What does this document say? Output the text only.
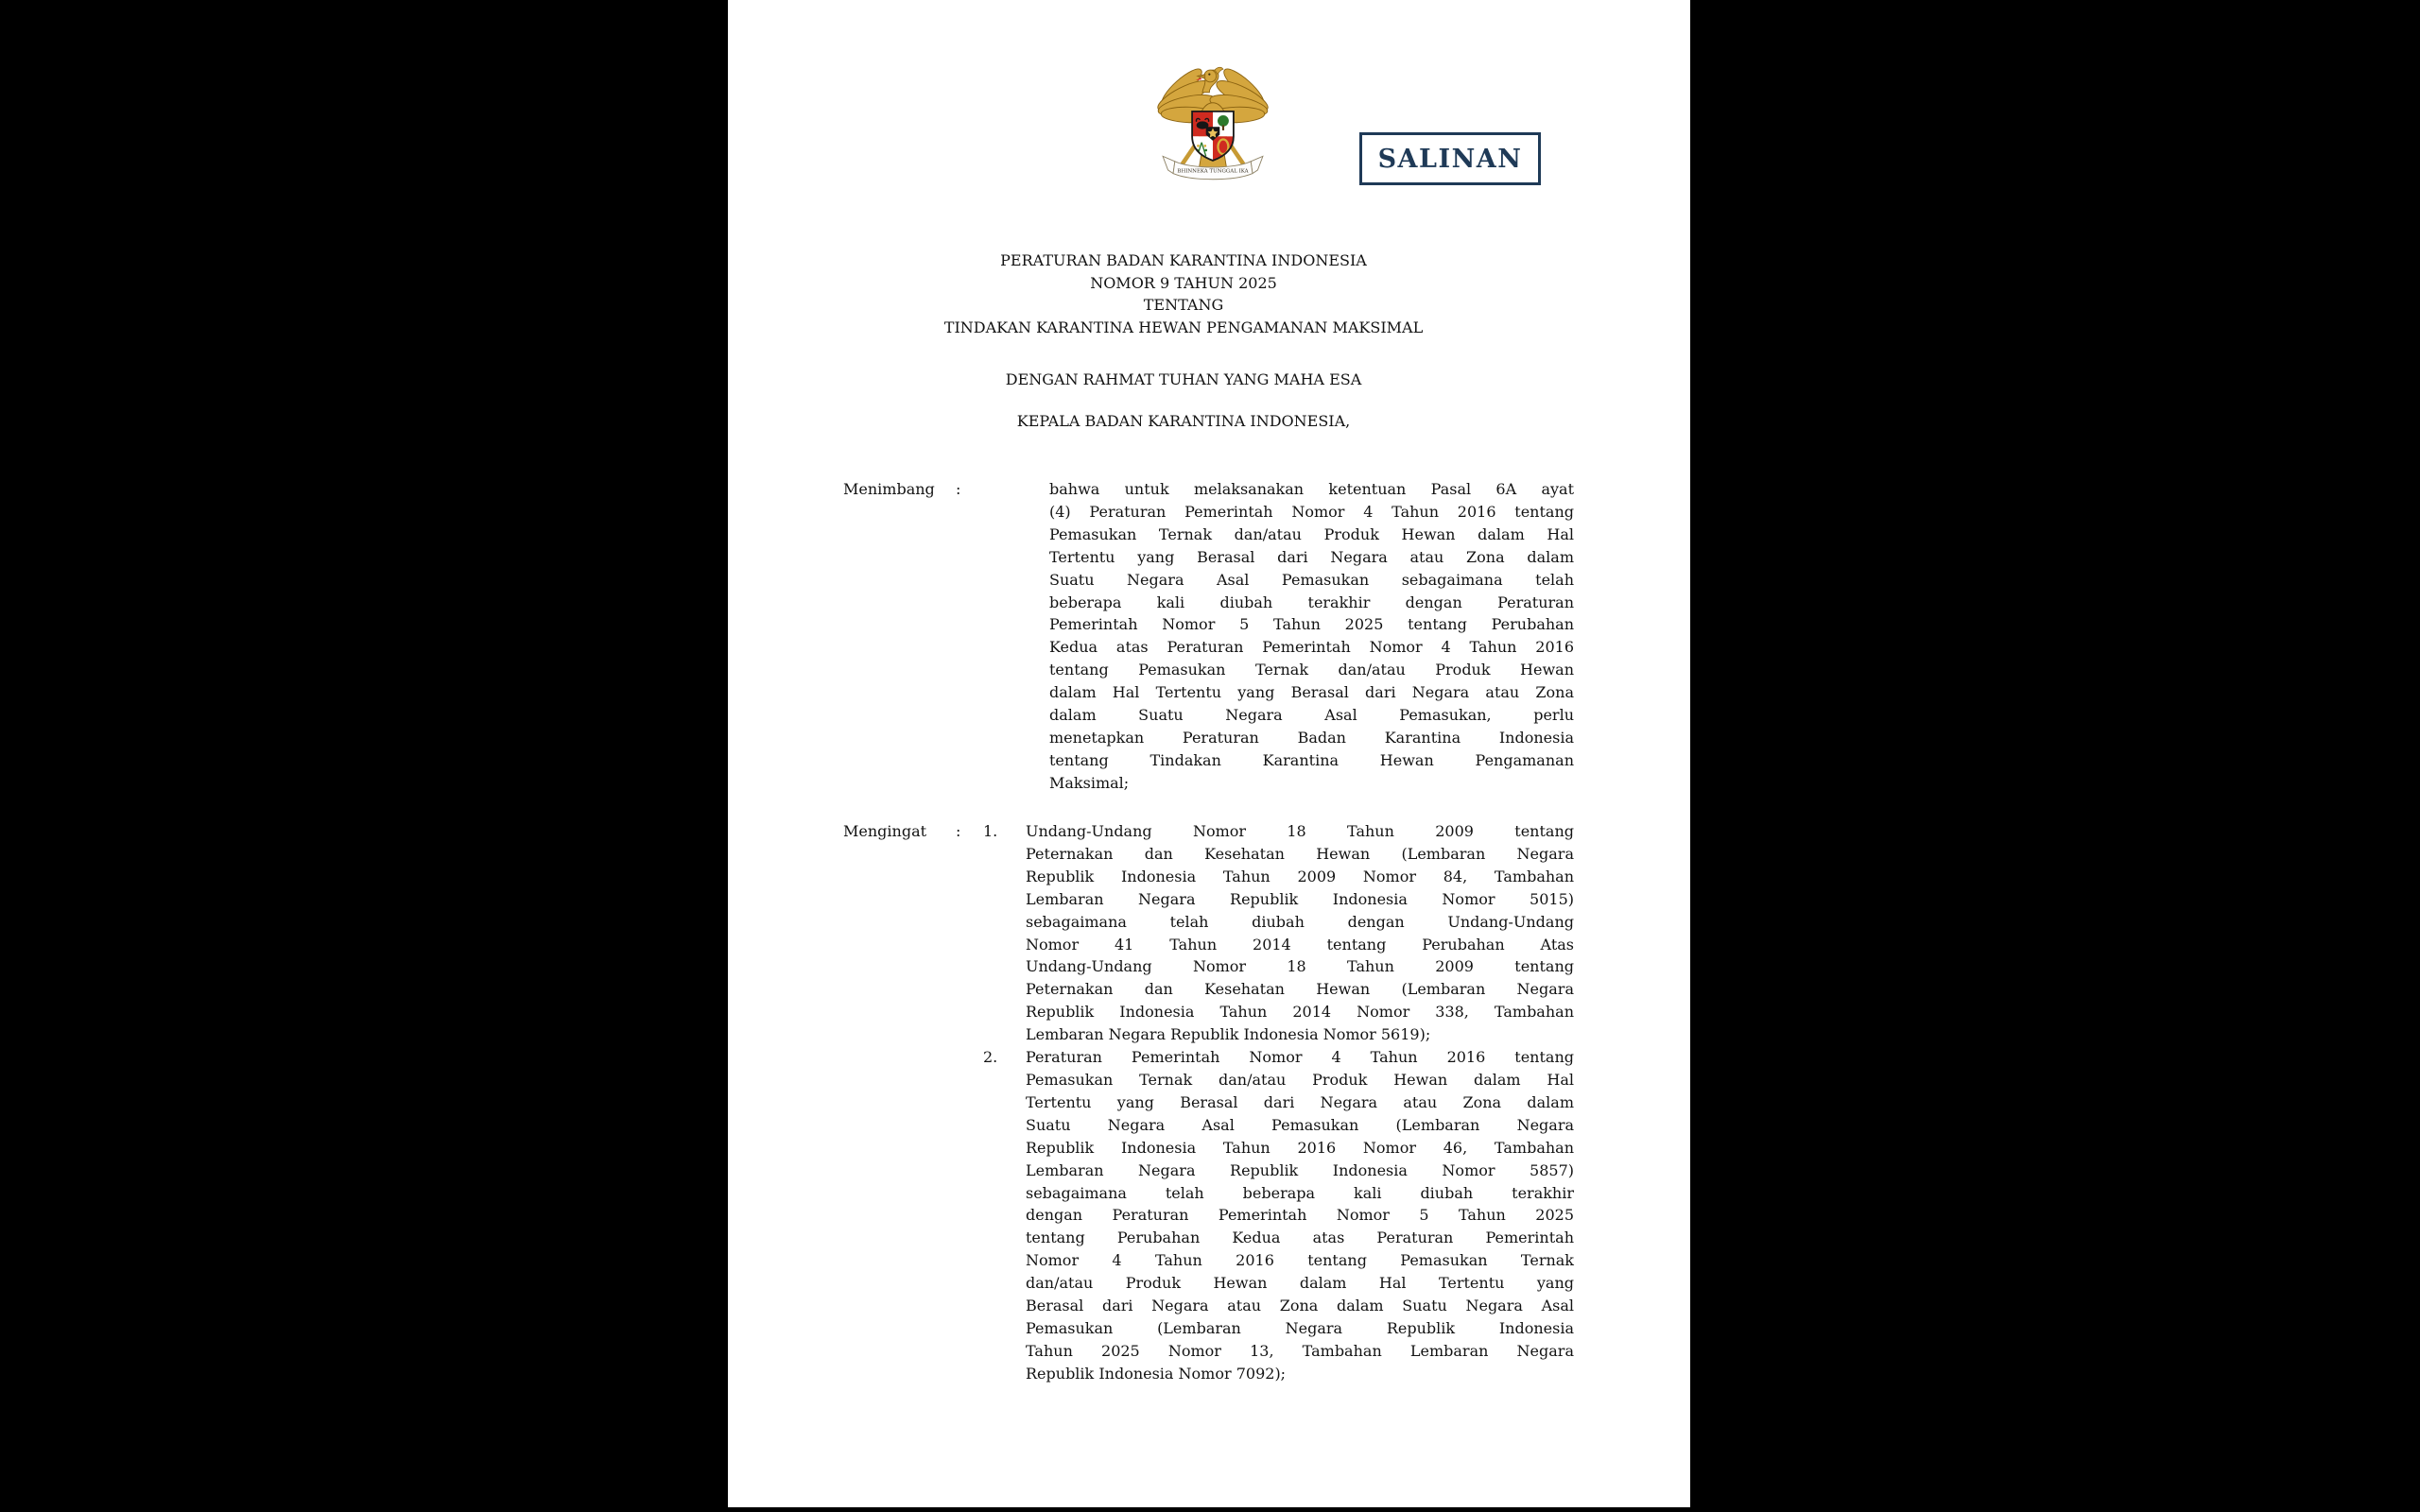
BHINNEKA TUNGGAL IKA	SALINAN
PERATURAN BADAN KARANTINA INDONESIA
NOMOR 9 TAHUN 2025
TENTANG
TINDAKAN KARANTINA HEWAN PENGAMANAN MAKSIMAL
DENGAN RAHMAT TUHAN YANG MAHA ESA
KEPALA BADAN KARANTINA INDONESIA,
Menimbang :	bahwa untuk melaksanakan ketentuan Pasal 6A ayat
(4) Peraturan Pemerintah Nomor 4 Tahun 2016 tentang
Pemasukan Ternak dan/atau Produk Hewan dalam Hal
Tertentu yang Berasal dari Negara atau Zona dalam
Suatu Negara Asal Pemasukan sebagaimana telah
beberapa kali diubah terakhir dengan Peraturan
Pemerintah Nomor 5 Tahun 2025 tentang Perubahan
Kedua atas Peraturan Pemerintah Nomor 4 Tahun 2016
tentang Pemasukan Ternak dan/atau Produk Hewan
dalam Hal Tertentu yang Berasal dari Negara atau Zona
dalam Suatu Negara Asal Pemasukan, perlu
menetapkan Peraturan Badan Karantina Indonesia
tentang Tindakan Karantina Hewan Pengamanan
Maksimal;
Mengingat : 1.	Undang-Undang Nomor 18 Tahun 2009 tentang
Peternakan dan Kesehatan Hewan (Lembaran Negara
Republik Indonesia Tahun 2009 Nomor 84, Tambahan
Lembaran Negara Republik Indonesia Nomor 5015)
sebagaimana telah diubah dengan Undang-Undang
Nomor 41 Tahun 2014 tentang Perubahan Atas
Undang-Undang Nomor 18 Tahun 2009 tentang
Peternakan dan Kesehatan Hewan (Lembaran Negara
Republik Indonesia Tahun 2014 Nomor 338, Tambahan
Lembaran Negara Republik Indonesia Nomor 5619);
2.	Peraturan Pemerintah Nomor 4 Tahun 2016 tentang
Pemasukan Ternak dan/atau Produk Hewan dalam Hal
Tertentu yang Berasal dari Negara atau Zona dalam
Suatu Negara Asal Pemasukan (Lembaran Negara
Republik Indonesia Tahun 2016 Nomor 46, Tambahan
Lembaran Negara Republik Indonesia Nomor 5857)
sebagaimana telah beberapa kali diubah terakhir
dengan Peraturan Pemerintah Nomor 5 Tahun 2025
tentang Perubahan Kedua atas Peraturan Pemerintah
Nomor 4 Tahun 2016 tentang Pemasukan Ternak
dan/atau Produk Hewan dalam Hal Tertentu yang
Berasal dari Negara atau Zona dalam Suatu Negara Asal
Pemasukan (Lembaran Negara Republik Indonesia
Tahun 2025 Nomor 13, Tambahan Lembaran Negara
Republik Indonesia Nomor 7092);
